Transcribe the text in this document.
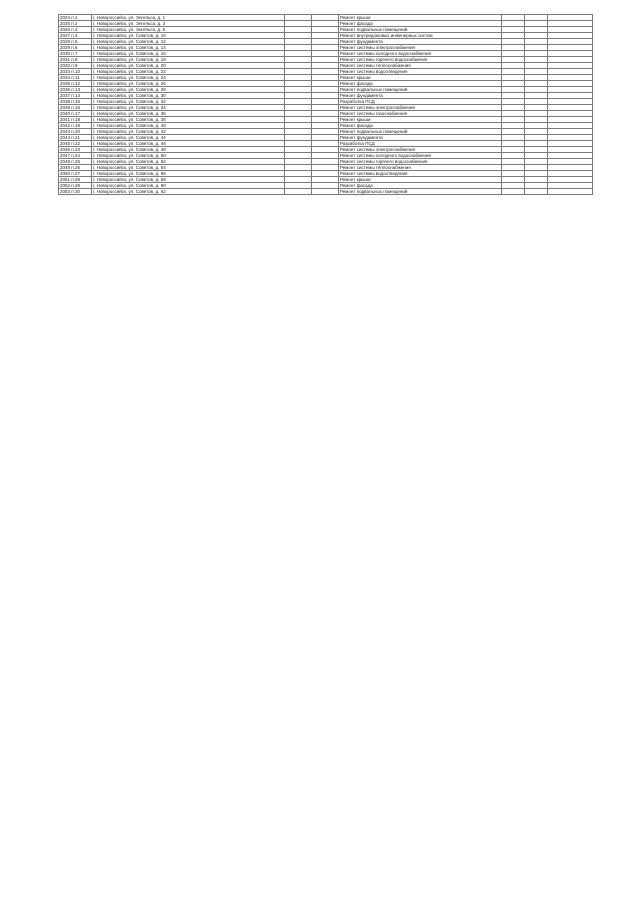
2024 п.1	г. Новороссийск, ул. Энгельса, д. 1			Ремонт крыши			
2025 п.2	г. Новороссийск, ул. Энгельса, д. 3			Ремонт фасада			
2026 п.3	г. Новороссийск, ул. Энгельса, д. 5			Ремонт подвальных помещений			
2027 п.4	г. Новороссийск, ул. Советов, д. 10			Ремонт внутридомовых инженерных систем			
2028 п.5	г. Новороссийск, ул. Советов, д. 12			Ремонт фундамента			
2029 п.6	г. Новороссийск, ул. Советов, д. 14			Ремонт системы электроснабжения			
2030 п.7	г. Новороссийск, ул. Советов, д. 16			Ремонт системы холодного водоснабжения			
2031 п.8	г. Новороссийск, ул. Советов, д. 18			Ремонт системы горячего водоснабжения			
2032 п.9	г. Новороссийск, ул. Советов, д. 20			Ремонт системы теплоснабжения			
2033 п.10	г. Новороссийск, ул. Советов, д. 22			Ремонт системы водоотведения			
2034 п.11	г. Новороссийск, ул. Советов, д. 24			Ремонт крыши			
2035 п.12	г. Новороссийск, ул. Советов, д. 26			Ремонт фасада			
2036 п.13	г. Новороссийск, ул. Советов, д. 28			Ремонт подвальных помещений			
2037 п.14	г. Новороссийск, ул. Советов, д. 30			Ремонт фундамента			
2038 п.15	г. Новороссийск, ул. Советов, д. 32			Разработка ПСД			
2039 п.16	г. Новороссийск, ул. Советов, д. 34			Ремонт системы электроснабжения			
2040 п.17	г. Новороссийск, ул. Советов, д. 36			Ремонт системы газоснабжения			
2041 п.18	г. Новороссийск, ул. Советов, д. 38			Ремонт крыши			
2042 п.19	г. Новороссийск, ул. Советов, д. 40			Ремонт фасада			
2043 п.20	г. Новороссийск, ул. Советов, д. 42			Ремонт подвальных помещений			
2044 п.21	г. Новороссийск, ул. Советов, д. 44			Ремонт фундамента			
2045 п.22	г. Новороссийск, ул. Советов, д. 46			Разработка ПСД			
2046 п.23	г. Новороссийск, ул. Советов, д. 48			Ремонт системы электроснабжения			
2047 п.24	г. Новороссийск, ул. Советов, д. 50			Ремонт системы холодного водоснабжения			
2048 п.25	г. Новороссийск, ул. Советов, д. 52			Ремонт системы горячего водоснабжения			
2049 п.26	г. Новороссийск, ул. Советов, д. 54			Ремонт системы теплоснабжения			
2050 п.27	г. Новороссийск, ул. Советов, д. 56			Ремонт системы водоотведения			
2051 п.28	г. Новороссийск, ул. Советов, д. 58			Ремонт крыши			
2052 п.29	г. Новороссийск, ул. Советов, д. 60			Ремонт фасада			
2053 п.30	г. Новороссийск, ул. Советов, д. 62			Ремонт подвальных помещений			
